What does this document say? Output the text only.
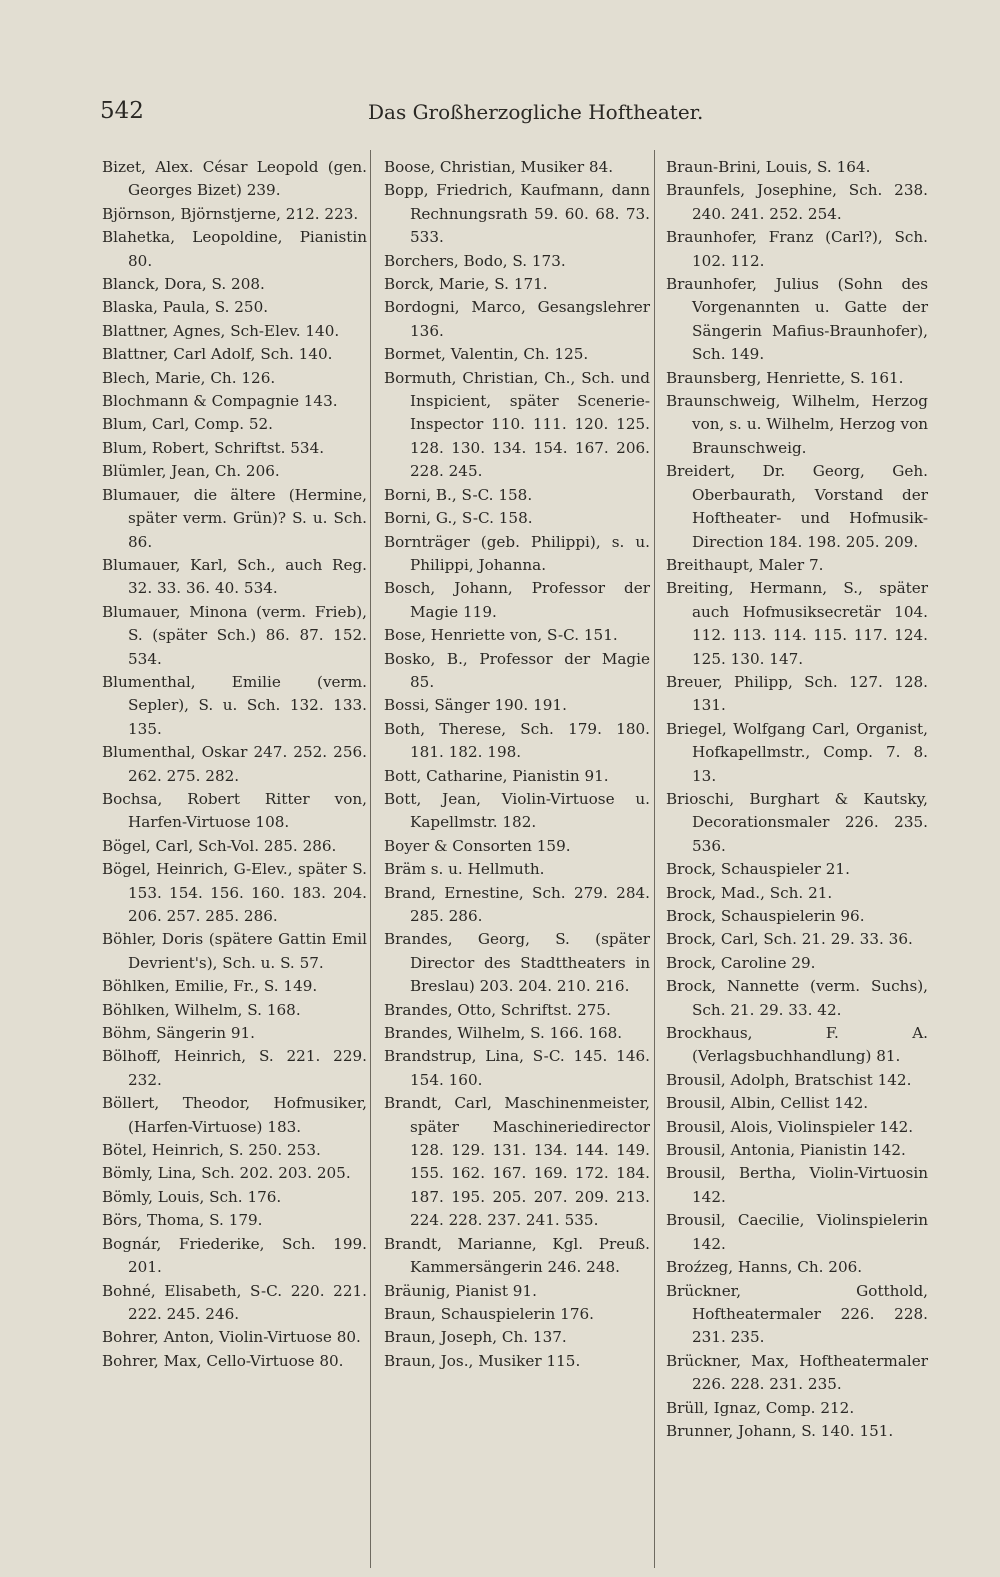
542	Das Großherzogliche Hoftheater.
Bizet, Alex. César Leopold (gen. Georges Bizet) 239.
Björnson, Björnstjerne, 212. 223.
Blahetka, Leopoldine, Pianistin 80.
Blanck, Dora, S. 208.
Blaska, Paula, S. 250.
Blattner, Agnes, Sch-Elev. 140.
Blattner, Carl Adolf, Sch. 140.
Blech, Marie, Ch. 126.
Blochmann & Compagnie 143.
Blum, Carl, Comp. 52.
Blum, Robert, Schriftst. 534.
Blümler, Jean, Ch. 206.
Blumauer, die ältere (Hermine, später verm. Grün)? S. u. Sch. 86.
Blumauer, Karl, Sch., auch Reg. 32. 33. 36. 40. 534.
Blumauer, Minona (verm. Frieb), S. (später Sch.) 86. 87. 152. 534.
Blumenthal, Emilie (verm. Sepler), S. u. Sch. 132. 133. 135.
Blumenthal, Oskar 247. 252. 256. 262. 275. 282.
Bochsa, Robert Ritter von, Harfen-Virtuose 108.
Bögel, Carl, Sch-Vol. 285. 286.
Bögel, Heinrich, G-Elev., später S. 153. 154. 156. 160. 183. 204. 206. 257. 285. 286.
Böhler, Doris (spätere Gattin Emil Devrient's), Sch. u. S. 57.
Böhlken, Emilie, Fr., S. 149.
Böhlken, Wilhelm, S. 168.
Böhm, Sängerin 91.
Bölhoff, Heinrich, S. 221. 229. 232.
Böllert, Theodor, Hofmusiker, (Harfen-Virtuose) 183.
Bötel, Heinrich, S. 250. 253.
Bömly, Lina, Sch. 202. 203. 205.
Bömly, Louis, Sch. 176.
Börs, Thoma, S. 179.
Bognár, Friederike, Sch. 199. 201.
Bohné, Elisabeth, S-C. 220. 221. 222. 245. 246.
Bohrer, Anton, Violin-Virtuose 80.
Bohrer, Max, Cello-Virtuose 80.
Boose, Christian, Musiker 84.
Bopp, Friedrich, Kaufmann, dann Rechnungsrath 59. 60. 68. 73. 533.
Borchers, Bodo, S. 173.
Borck, Marie, S. 171.
Bordogni, Marco, Gesangslehrer 136.
Bormet, Valentin, Ch. 125.
Bormuth, Christian, Ch., Sch. und Inspicient, später Scenerie-Inspector 110. 111. 120. 125. 128. 130. 134. 154. 167. 206. 228. 245.
Borni, B., S-C. 158.
Borni, G., S-C. 158.
Bornträger (geb. Philippi), s. u. Philippi, Johanna.
Bosch, Johann, Professor der Magie 119.
Bose, Henriette von, S-C. 151.
Bosko, B., Professor der Magie 85.
Bossi, Sänger 190. 191.
Both, Therese, Sch. 179. 180. 181. 182. 198.
Bott, Catharine, Pianistin 91.
Bott, Jean, Violin-Virtuose u. Kapellmstr. 182.
Boyer & Consorten 159.
Bräm s. u. Hellmuth.
Brand, Ernestine, Sch. 279. 284. 285. 286.
Brandes, Georg, S. (später Director des Stadttheaters in Breslau) 203. 204. 210. 216.
Brandes, Otto, Schriftst. 275.
Brandes, Wilhelm, S. 166. 168.
Brandstrup, Lina, S-C. 145. 146. 154. 160.
Brandt, Carl, Maschinenmeister, später Maschineriedirector 128. 129. 131. 134. 144. 149. 155. 162. 167. 169. 172. 184. 187. 195. 205. 207. 209. 213. 224. 228. 237. 241. 535.
Brandt, Marianne, Kgl. Preuß. Kammersängerin 246. 248.
Bräunig, Pianist 91.
Braun, Schauspielerin 176.
Braun, Joseph, Ch. 137.
Braun, Jos., Musiker 115.
Braun-Brini, Louis, S. 164.
Braunfels, Josephine, Sch. 238. 240. 241. 252. 254.
Braunhofer, Franz (Carl?), Sch. 102. 112.
Braunhofer, Julius (Sohn des Vorgenannten u. Gatte der Sängerin Mafius-Braunhofer), Sch. 149.
Braunsberg, Henriette, S. 161.
Braunschweig, Wilhelm, Herzog von, s. u. Wilhelm, Herzog von Braunschweig.
Breidert, Dr. Georg, Geh. Oberbaurath, Vorstand der Hoftheater- und Hofmusik-Direction 184. 198. 205. 209.
Breithaupt, Maler 7.
Breiting, Hermann, S., später auch Hofmusiksecretär 104. 112. 113. 114. 115. 117. 124. 125. 130. 147.
Breuer, Philipp, Sch. 127. 128. 131.
Briegel, Wolfgang Carl, Organist, Hofkapellmstr., Comp. 7. 8. 13.
Brioschi, Burghart & Kautsky, Decorationsmaler 226. 235. 536.
Brock, Schauspieler 21.
Brock, Mad., Sch. 21.
Brock, Schauspielerin 96.
Brock, Carl, Sch. 21. 29. 33. 36.
Brock, Caroline 29.
Brock, Nannette (verm. Suchs), Sch. 21. 29. 33. 42.
Brockhaus, F. A. (Verlagsbuchhandlung) 81.
Brousil, Adolph, Bratschist 142.
Brousil, Albin, Cellist 142.
Brousil, Alois, Violinspieler 142.
Brousil, Antonia, Pianistin 142.
Brousil, Bertha, Violin-Virtuosin 142.
Brousil, Caecilie, Violinspielerin 142.
Broźzeg, Hanns, Ch. 206.
Brückner, Gotthold, Hoftheatermaler 226. 228. 231. 235.
Brückner, Max, Hoftheatermaler 226. 228. 231. 235.
Brüll, Ignaz, Comp. 212.
Brunner, Johann, S. 140. 151.
